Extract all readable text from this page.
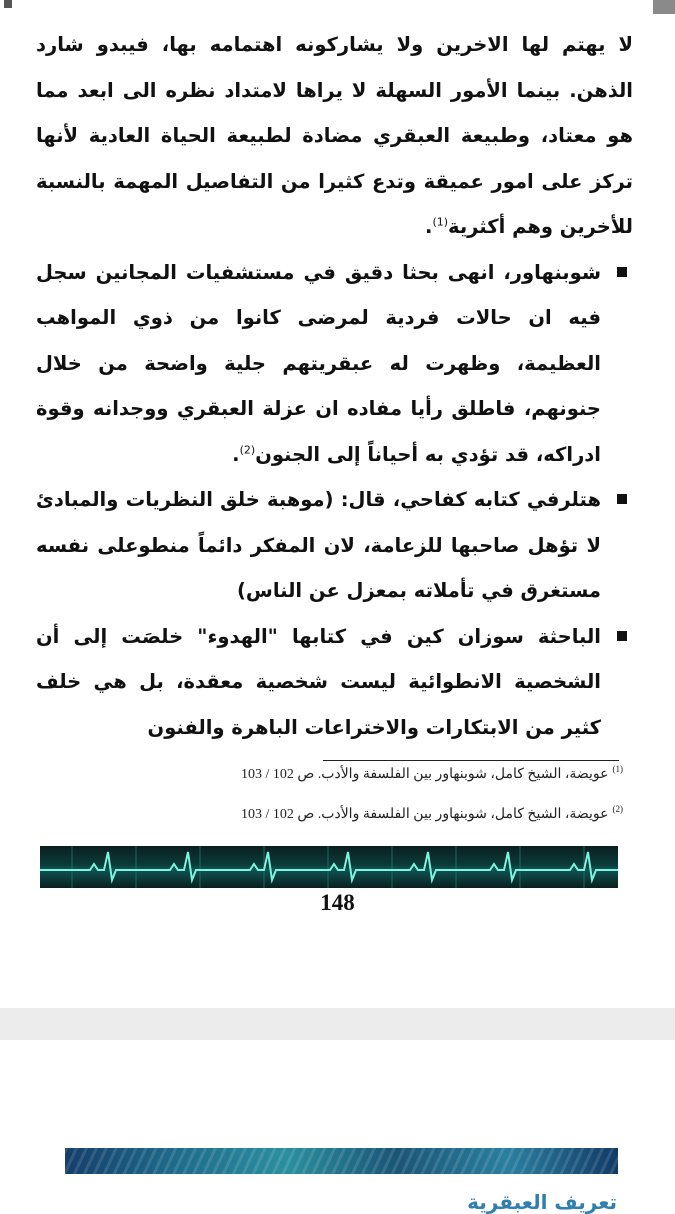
لا يهتم لها الاخرين ولا يشاركونه اهتمامه بها، فيبدو شارد الذهن. بينما الأمور السهلة لا يراها لامتداد نظره الى ابعد مما هو معتاد، وطبيعة العبقري مضادة لطبيعة الحياة العادية لأنها تركز على امور عميقة وتدع كثيرا من التفاصيل المهمة بالنسبة للأخرين وهم أكثرية$^{(1)}$.

شوبنهاور، انهى بحثا دقيق في مستشفيات المجانين سجل فيه ان حالات فردية لمرضى كانوا من ذوي المواهب العظيمة، وظهرت له عبقريتهم جلية واضحة من خلال جنونهم، فاطلق رأيا مفاده ان عزلة العبقري ووجدانه وقوة ادراكه، قد تؤدي به أحياناً إلى الجنون$^{(2)}$.

هتلرفي كتابه كفاحي، قال: (موهبة خلق النظريات والمبادئ لا تؤهل صاحبها للزعامة، لان المفكر دائماً منطوعلى نفسه مستغرق في تأملاته بمعزل عن الناس)

الباحثة سوزان كين في كتابها "الهدوء" خلصَت إلى أن الشخصية الانطوائية ليست شخصية معقدة، بل هي خلف كثير من الابتكارات والاختراعات الباهرة والفنون

$^{(1)}$عويضة، الشيخ كامل، شوبنهاور بين الفلسفة والأدب. ص 102 / 103
$^{(2)}$عويضة، الشيخ كامل، شوبنهاور بين الفلسفة والأدب. ص 102 / 103
148
تعريف العبقرية
